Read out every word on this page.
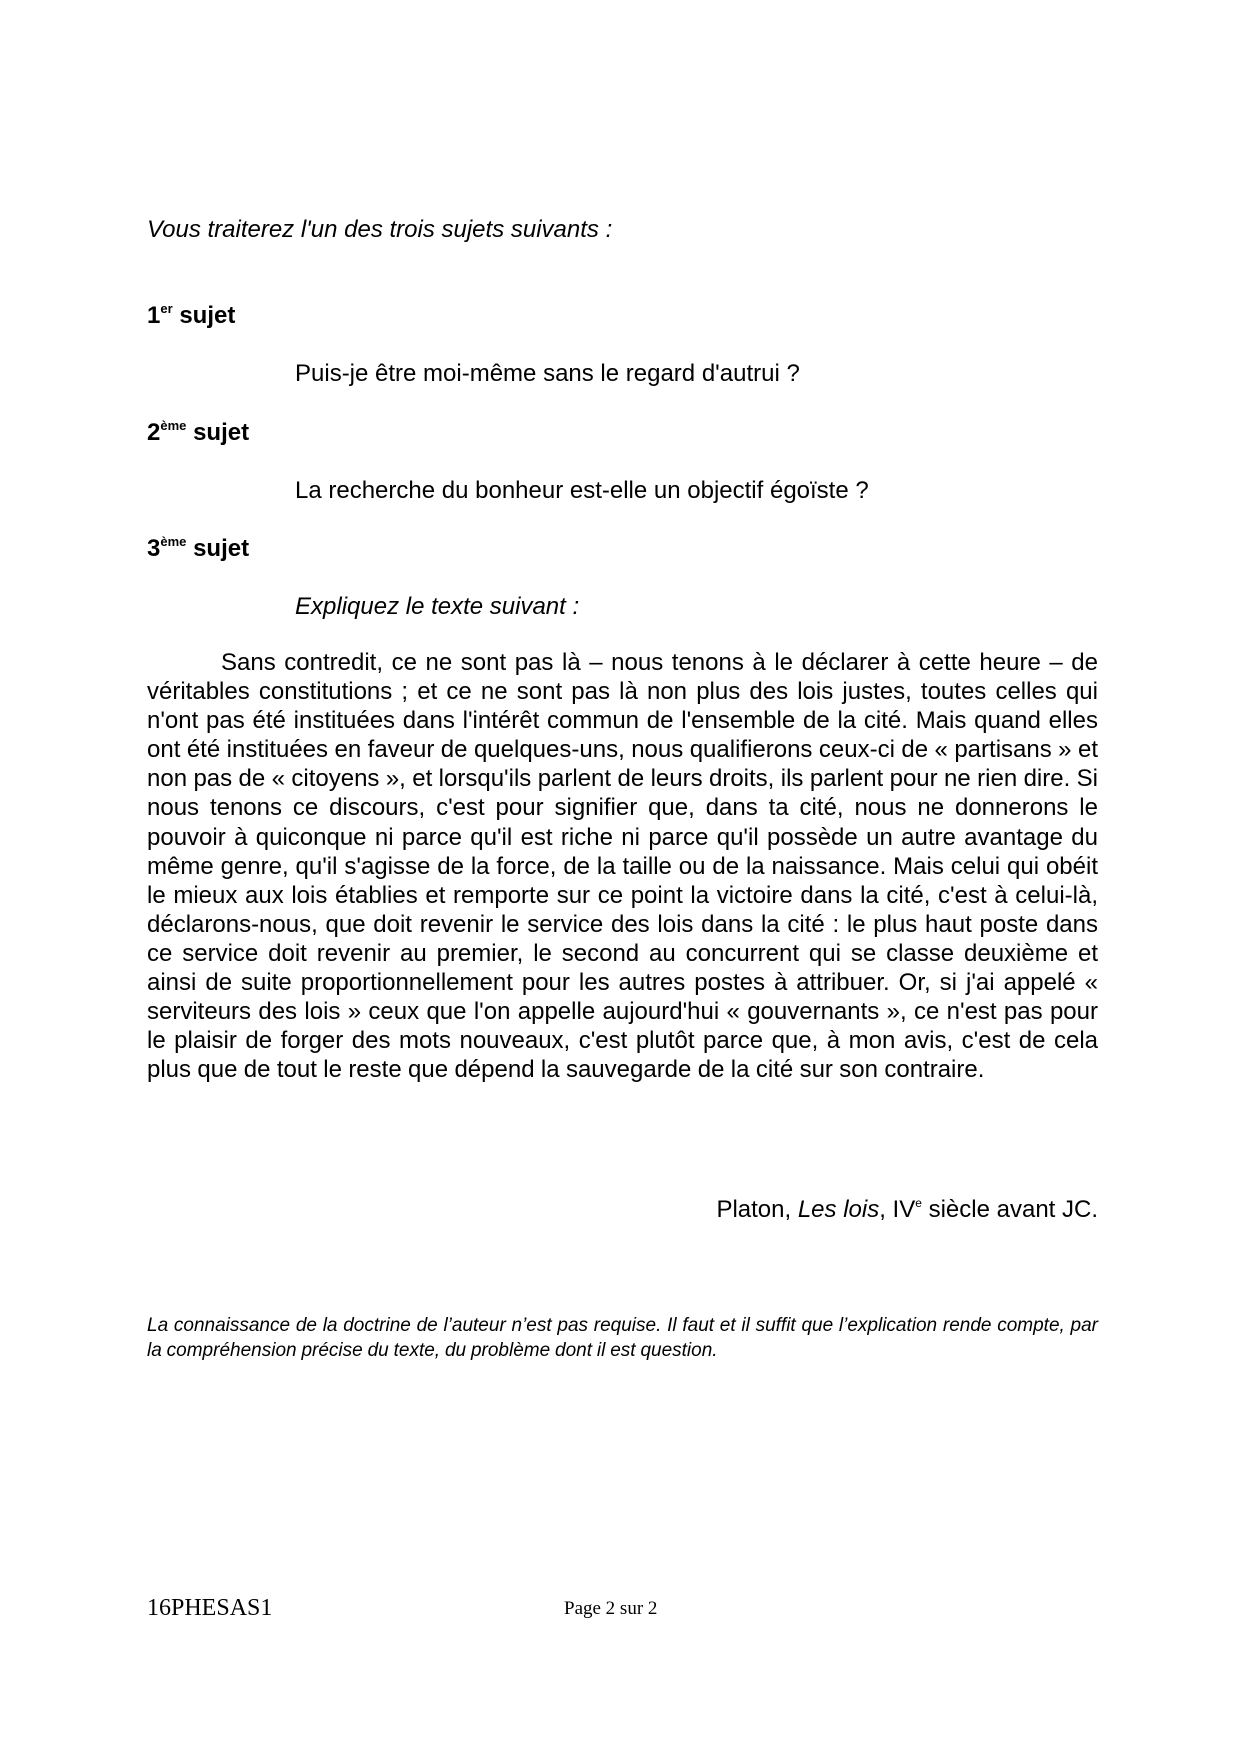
Vous traiterez l'un des trois sujets suivants :

1er sujet

Puis-je être moi-même sans le regard d'autrui ?

2ème sujet

La recherche du bonheur est-elle un objectif égoïste ?

3ème sujet

Expliquez le texte suivant :

Sans contredit, ce ne sont pas là – nous tenons à le déclarer à cette heure – de véritables constitutions ; et ce ne sont pas là non plus des lois justes, toutes celles qui n'ont pas été instituées dans l'intérêt commun de l'ensemble de la cité. Mais quand elles ont été instituées en faveur de quelques-uns, nous qualifierons ceux-ci de « partisans » et non pas de « citoyens », et lorsqu'ils parlent de leurs droits, ils parlent pour ne rien dire. Si nous tenons ce discours, c'est pour signifier que, dans ta cité, nous ne donnerons le pouvoir à quiconque ni parce qu'il est riche ni parce qu'il possède un autre avantage du même genre, qu'il s'agisse de la force, de la taille ou de la naissance. Mais celui qui obéit le mieux aux lois établies et remporte sur ce point la victoire dans la cité, c'est à celui-là, déclarons-nous, que doit revenir le service des lois dans la cité : le plus haut poste dans ce service doit revenir au premier, le second au concurrent qui se classe deuxième et ainsi de suite proportionnellement pour les autres postes à attribuer. Or, si j'ai appelé « serviteurs des lois » ceux que l'on appelle aujourd'hui « gouvernants », ce n'est pas pour le plaisir de forger des mots nouveaux, c'est plutôt parce que, à mon avis, c'est de cela plus que de tout le reste que dépend la sauvegarde de la cité sur son contraire.

Platon, Les lois, IVe siècle avant JC.

La connaissance de la doctrine de l’auteur n’est pas requise. Il faut et il suffit que l’explication rende compte, par la compréhension précise du texte, du problème dont il est question.

16PHESAS1	Page 2 sur 2
